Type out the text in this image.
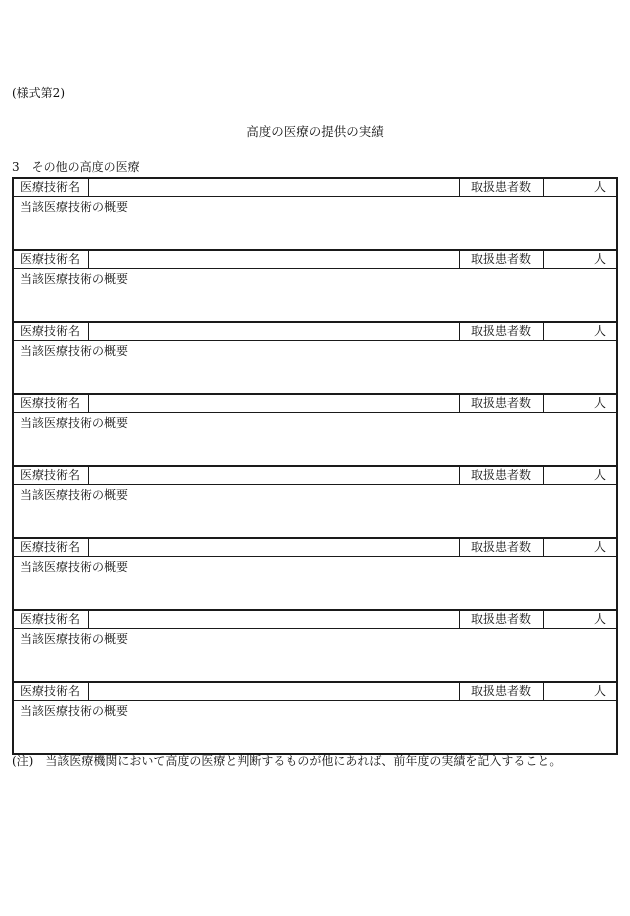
(様式第2)
高度の医療の提供の実績
3　その他の高度の医療
医療技術名	取扱患者数	人
当該医療技術の概要
医療技術名	取扱患者数	人
当該医療技術の概要
医療技術名	取扱患者数	人
当該医療技術の概要
医療技術名	取扱患者数	人
当該医療技術の概要
医療技術名	取扱患者数	人
当該医療技術の概要
医療技術名	取扱患者数	人
当該医療技術の概要
医療技術名	取扱患者数	人
当該医療技術の概要
医療技術名	取扱患者数	人
当該医療技術の概要
(注)　当該医療機関において高度の医療と判断するものが他にあれば、前年度の実績を記入すること。
